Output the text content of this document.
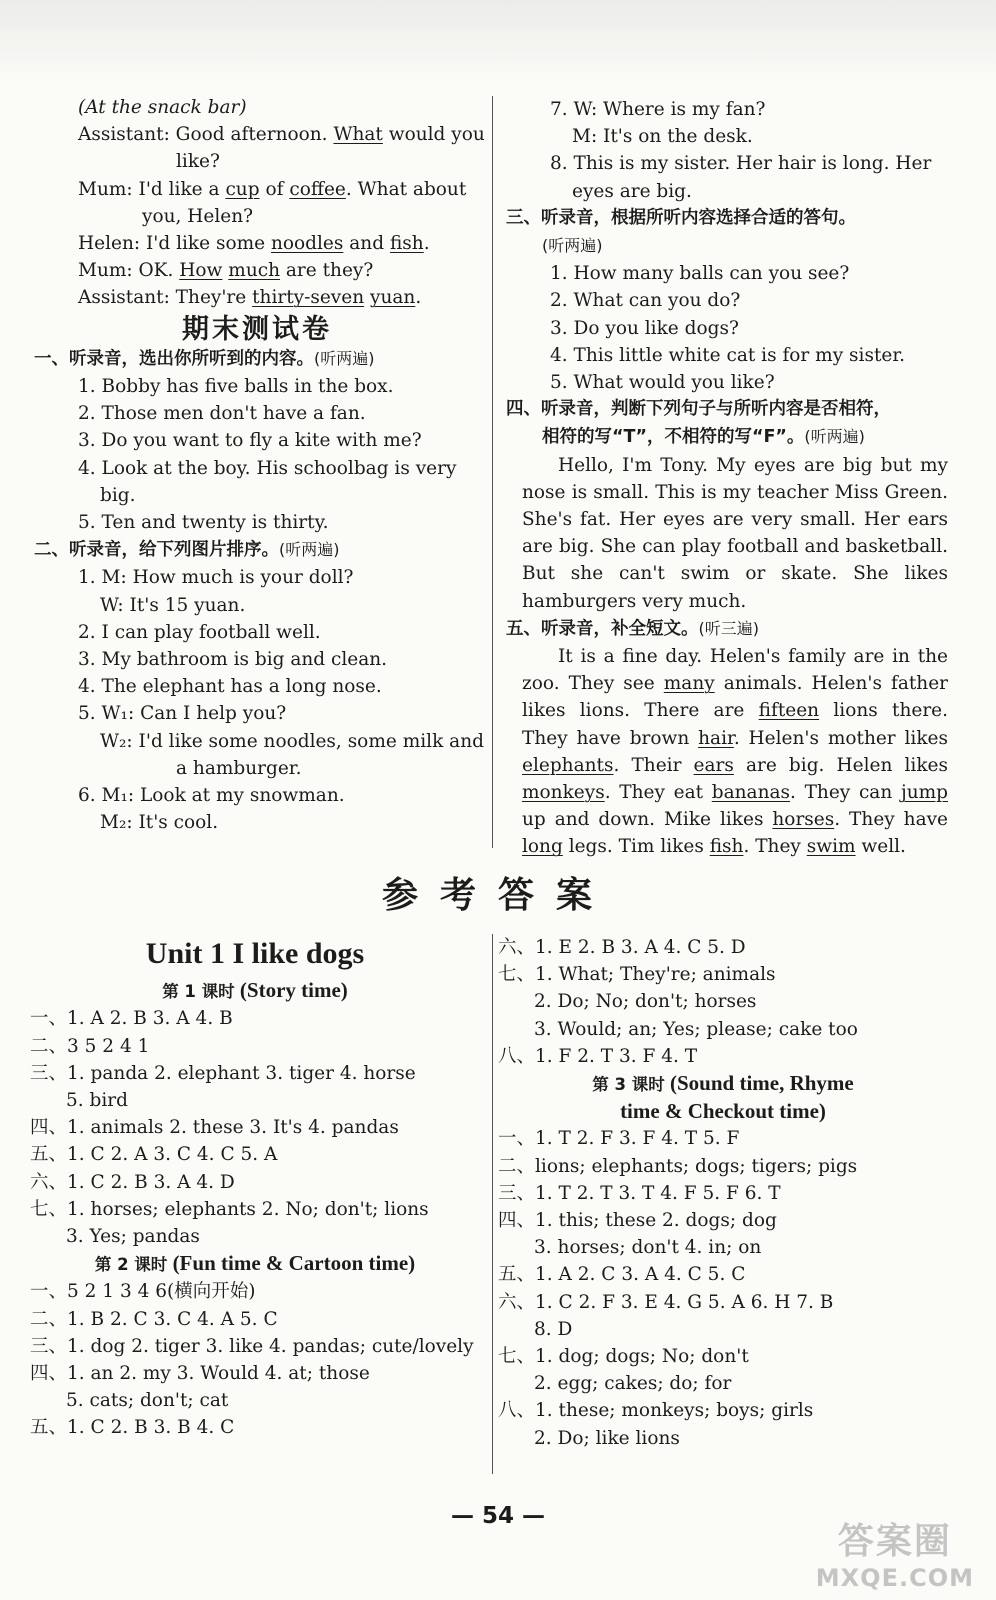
(At the snack bar)

Assistant: Good afternoon. What would you

like?

Mum: I'd like a cup of coffee. What about

you, Helen?

Helen: I'd like some noodles and fish.

Mum: OK. How much are they?

Assistant: They're thirty-seven yuan.

期末测试卷

一、听录音，选出你所听到的内容。(听两遍)

1. Bobby has five balls in the box.

2. Those men don't have a fan.

3. Do you want to fly a kite with me?

4. Look at the boy. His schoolbag is very

big.

5. Ten and twenty is thirty.

二、听录音，给下列图片排序。(听两遍)

1. M: How much is your doll?

W: It's 15 yuan.

2. I can play football well.

3. My bathroom is big and clean.

4. The elephant has a long nose.

5. W₁: Can I help you?

W₂: I'd like some noodles, some milk and

a hamburger.

6. M₁: Look at my snowman.

M₂: It's cool.

7. W: Where is my fan?

M: It's on the desk.

8. This is my sister. Her hair is long. Her

eyes are big.

三、听录音，根据所听内容选择合适的答句。

(听两遍)

1. How many balls can you see?

2. What can you do?

3. Do you like dogs?

4. This little white cat is for my sister.

5. What would you like?

四、听录音，判断下列句子与所听内容是否相符，

相符的写“T”，不相符的写“F”。(听两遍)

Hello, I'm Tony. My eyes are big but my nose is small. This is my teacher Miss Green. She's fat. Her eyes are very small. Her ears are big. She can play football and basketball. But she can't swim or skate. She likes hamburgers very much.

五、听录音，补全短文。(听三遍)

It is a fine day. Helen's family are in the zoo. They see many animals. Helen's father likes lions. There are fifteen lions there. They have brown hair. Helen's mother likes elephants. Their ears are big. Helen likes monkeys. They eat bananas. They can jump up and down. Mike likes horses. They have long legs. Tim likes fish. They swim well.

参考答案

Unit 1 I like dogs

第 1 课时 (Story time)

一、1. A 2. B 3. A 4. B

二、3 5 2 4 1

三、1. panda 2. elephant 3. tiger 4. horse

5. bird

四、1. animals 2. these 3. It's 4. pandas

五、1. C 2. A 3. C 4. C 5. A

六、1. C 2. B 3. A 4. D

七、1. horses; elephants 2. No; don't; lions

3. Yes; pandas

第 2 课时 (Fun time & Cartoon time)

一、5 2 1 3 4 6(横向开始)

二、1. B 2. C 3. C 4. A 5. C

三、1. dog 2. tiger 3. like 4. pandas; cute/lovely

四、1. an 2. my 3. Would 4. at; those

5. cats; don't; cat

五、1. C 2. B 3. B 4. C

六、1. E 2. B 3. A 4. C 5. D

七、1. What; They're; animals

2. Do; No; don't; horses

3. Would; an; Yes; please; cake too

八、1. F 2. T 3. F 4. T

第 3 课时 (Sound time, Rhyme

time & Checkout time)

一、1. T 2. F 3. F 4. T 5. F

二、lions; elephants; dogs; tigers; pigs

三、1. T 2. T 3. T 4. F 5. F 6. T

四、1. this; these 2. dogs; dog

3. horses; don't 4. in; on

五、1. A 2. C 3. A 4. C 5. C

六、1. C 2. F 3. E 4. G 5. A 6. H 7. B

8. D

七、1. dog; dogs; No; don't

2. egg; cakes; do; for

八、1. these; monkeys; boys; girls

2. Do; like lions

— 54 —
答案圈
MXQE.COM
